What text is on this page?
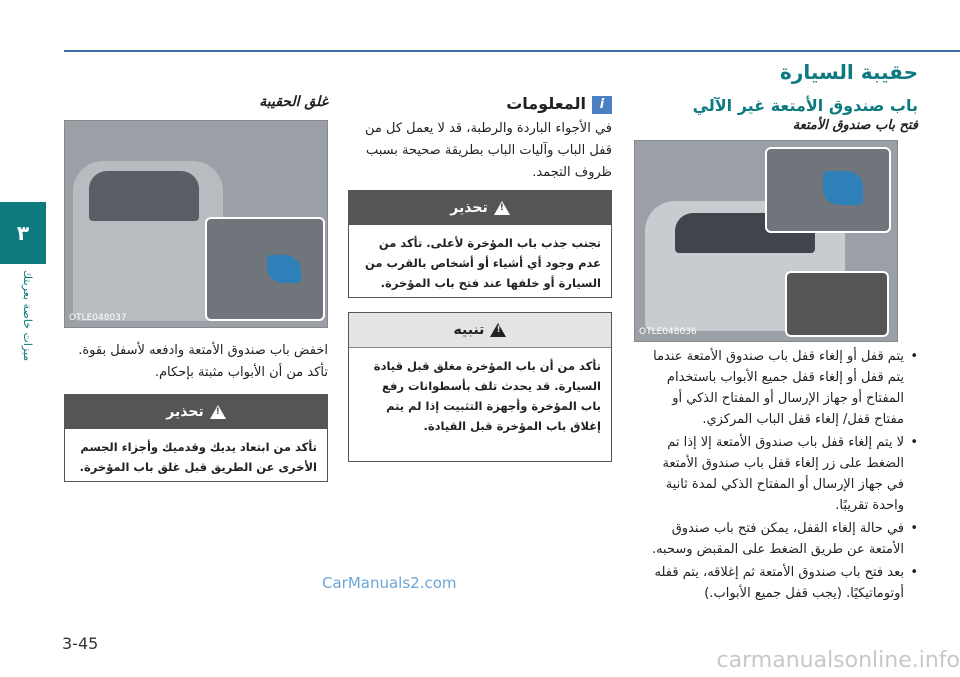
٣
ميزات خاصة بعربتك
حقيبة السيارة
باب صندوق الأمتعة غير الآلي
فتح باب صندوق الأمتعة
OTLE048036
• يتم قفل أو إلغاء قفل باب صندوق الأمتعة عندما يتم قفل أو إلغاء قفل جميع الأبواب باستخدام المفتاح أو جهاز الإرسال أو المفتاح الذكي أو مفتاح قفل/ إلغاء قفل الباب المركزي.
• لا يتم إلغاء قفل باب صندوق الأمتعة إلا إذا تم الضغط على زر إلغاء قفل باب صندوق الأمتعة في جهاز الإرسال أو المفتاح الذكي لمدة ثانية واحدة تقريبًا.
• في حالة إلغاء القفل، يمكن فتح باب صندوق الأمتعة عن طريق الضغط على المقبض وسحبه.
• بعد فتح باب صندوق الأمتعة ثم إغلاقه، يتم قفله أوتوماتيكيًا. (يجب قفل جميع الأبواب.)
iالمعلومات
في الأجواء الباردة والرطبة، قد لا يعمل كل من قفل الباب وآليات الباب بطريقة صحيحة بسبب ظروف التجمد.
تحذير
!
تجنب جذب باب المؤخرة لأعلى. تأكد من عدم وجود أي أشياء أو أشخاص بالقرب من السيارة أو خلفها عند فتح باب المؤخرة.
تنبيه
!
تأكد من أن باب المؤخرة مغلق قبل قيادة السيارة. قد يحدث تلف بأسطوانات رفع باب المؤخرة وأجهزة التثبيت إذا لم يتم إغلاق باب المؤخرة قبل القيادة.
غلق الحقيبة
OTLE048037
اخفض باب صندوق الأمتعة وادفعه لأسفل بقوة. تأكد من أن الأبواب مثبتة بإحكام.
تحذير
!
تأكد من ابتعاد يديك وقدميك وأجزاء الجسم الأخرى عن الطريق قبل غلق باب المؤخرة.
CarManuals2.com
3-45
carmanualsonline.info
